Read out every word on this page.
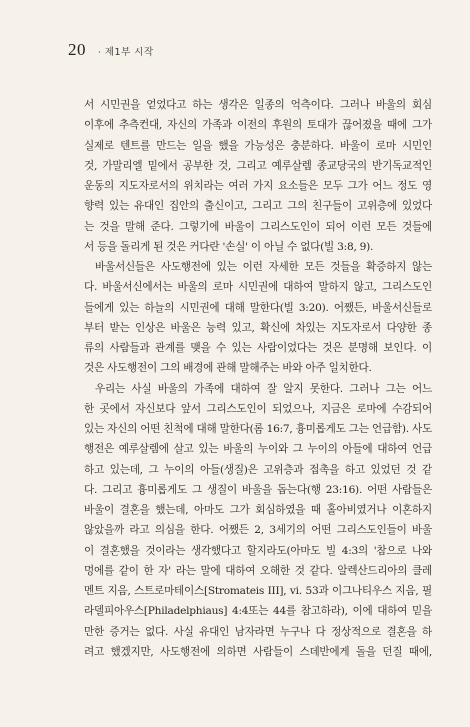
20 · 제1부 시작
서 시민권을 얻었다고 하는 생각은 일종의 억측이다. 그러나 바울의 회심
이후에 추측컨대, 자신의 가족과 이전의 후원의 토대가 끊어졌을 때에 그가
실제로 텐트를 만드는 일을 했을 가능성은 충분하다. 바울이 로마 시민인
것, 가말리엘 밑에서 공부한 것, 그리고 예루살렘 종교당국의 반기독교적인
운동의 지도자로서의 위치라는 여러 가지 요소들은 모두 그가 어느 정도 영
향력 있는 유대인 집안의 출신이고, 그리고 그의 친구들이 고위층에 있었다
는 것을 말해 준다. 그렇기에 바울이 그리스도인이 되어 이런 모든 것들에
서 등을 돌리게 된 것은 커다란 '손실' 이 아닐 수 없다(빌 3:8, 9).
바울서신들은 사도행전에 있는 이런 자세한 모든 것들을 확증하지 않는
다. 바울서신에서는 바울의 로마 시민권에 대하여 말하지 않고, 그리스도인
들에게 있는 하늘의 시민권에 대해 말한다(빌 3:20). 어쨌든, 바울서신들로
부터 받는 인상은 바울은 능력 있고, 확신에 차있는 지도자로서 다양한 종
류의 사람들과 관계를 맺을 수 있는 사람이었다는 것은 분명해 보인다. 이
것은 사도행전이 그의 배경에 관해 말해주는 바와 아주 일치한다.
우리는 사실 바울의 가족에 대하여 잘 알지 못한다. 그러나 그는 어느
한 곳에서 자신보다 앞서 그리스도인이 되었으나, 지금은 로마에 수감되어
있는 자신의 어떤 친척에 대해 말한다(롬 16:7, 흉미롭게도 그는 언급함). 사도
행전은 예루살렘에 살고 있는 바울의 누이와 그 누이의 아들에 대하여 언급
하고 있는데, 그 누이의 아들(생질)은 고위층과 접촉을 하고 있었던 것 같
다. 그리고 흉미롭게도 그 생질이 바울을 돕는다(행 23:16). 어떤 사람들은
바울이 결혼을 했는데, 아마도 그가 회심하였을 때 홀아비였거나 이혼하지
않았을까 라고 의심을 한다. 어쨌든 2, 3세기의 어떤 그리스도인들이 바울
이 결혼했을 것이라는 생각했다고 할지라도(아마도 빌 4:3의 '참으로 나와
멍에를 같이 한 자' 라는 말에 대하여 오해한 것 같다. 알렉산드리아의 클레
멘트 지음, 스트로마테이스[Stromateis III], vi. 53과 이그나티우스 지음, 필
라델피아우스[Philadelphiaus] 4:4또는 44를 참고하라), 이에 대하여 믿을
만한 증거는 없다. 사실 유대인 남자라면 누구나 다 정상적으로 결혼을 하
려고 했겠지만, 사도행전에 의하면 사람들이 스데반에게 돌을 던질 때에,
